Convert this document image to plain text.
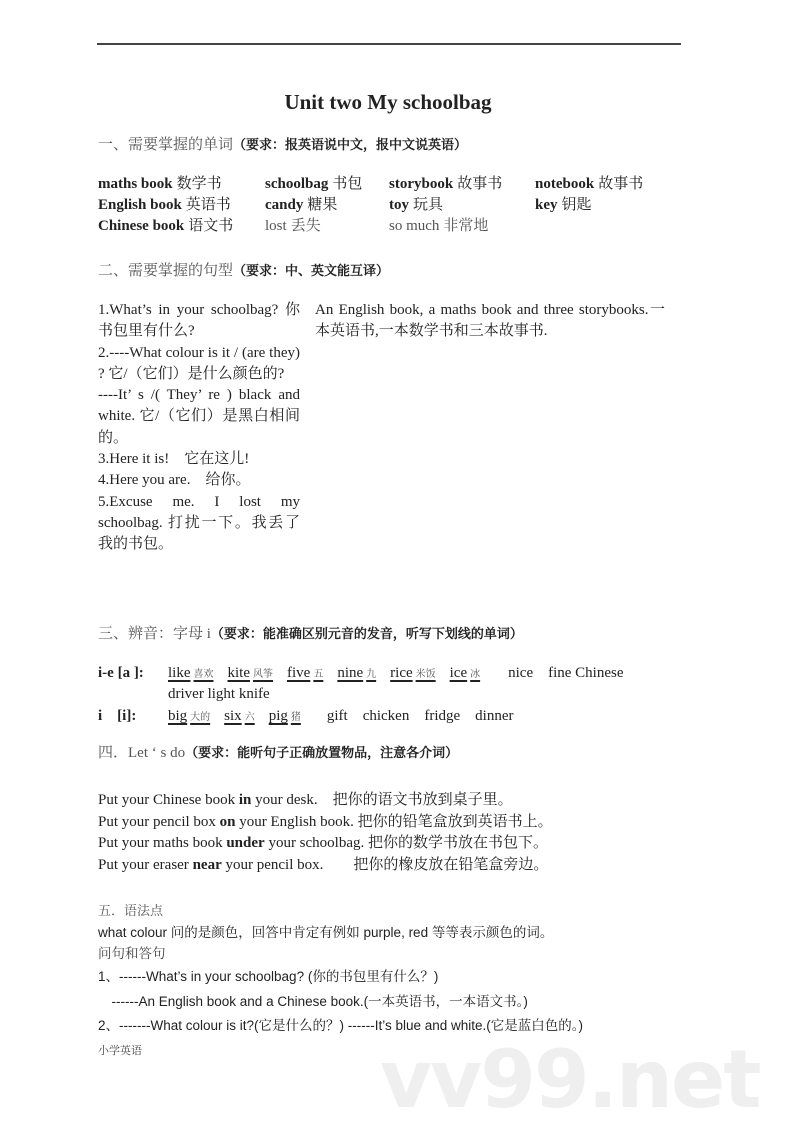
vv99.net
Unit two My schoolbag
一、需要掌握的单词（要求：报英语说中文，报中文说英语）
maths book 数学书	schoolbag 书包 storybook 故事书 notebook 故事书
English book 英语书 candy 糖果	toy 玩具	key 钥匙
Chinese book 语文书 lost 丢失	so much 非常地
二、需要掌握的句型（要求：中、英文能互译）
1.What’s in your schoolbag? 你书包里有什么?
2.----What colour is it / (are they) ? 它/（它们）是什么颜色的?
----It’ s /( They’ re ) black and white. 它/（它们）是黑白相间的。
3.Here it is!　它在这儿!
4.Here you are.　给你。
5.Excuse me. I lost my schoolbag. 打扰一下。我丢了我的书包。
An English book, a maths book and three storybooks.一本英语书,一本数学书和三本故事书.
三、辨音：字母 i（要求：能准确区别元音的发音，听写下划线的单词）
i-e [a ]: like 喜欢 kite 风筝 five 五 nine 九 rice 米饭 ice 冰 nice　fine Chinese
driver light knife
i　[i]: big 大的 six 六 pig 猪 gift　chicken　fridge　dinner
四．Let ‘ s do（要求：能听句子正确放置物品，注意各介词）
Put your Chinese book in your desk.　把你的语文书放到桌子里。
Put your pencil box on your English book. 把你的铅笔盒放到英语书上。
Put your maths book under your schoolbag. 把你的数学书放在书包下。
Put your eraser near your pencil box.　　把你的橡皮放在铅笔盒旁边。
五．语法点
what colour 问的是颜色，回答中肯定有例如 purple, red 等等表示颜色的词。
问句和答句
1、------What’s in your schoolbag? (你的书包里有什么？)
　------An English book and a Chinese book.(一本英语书，一本语文书。)
2、-------What colour is it?(它是什么的？) ------It’s blue and white.(它是蓝白色的。)
小学英语
